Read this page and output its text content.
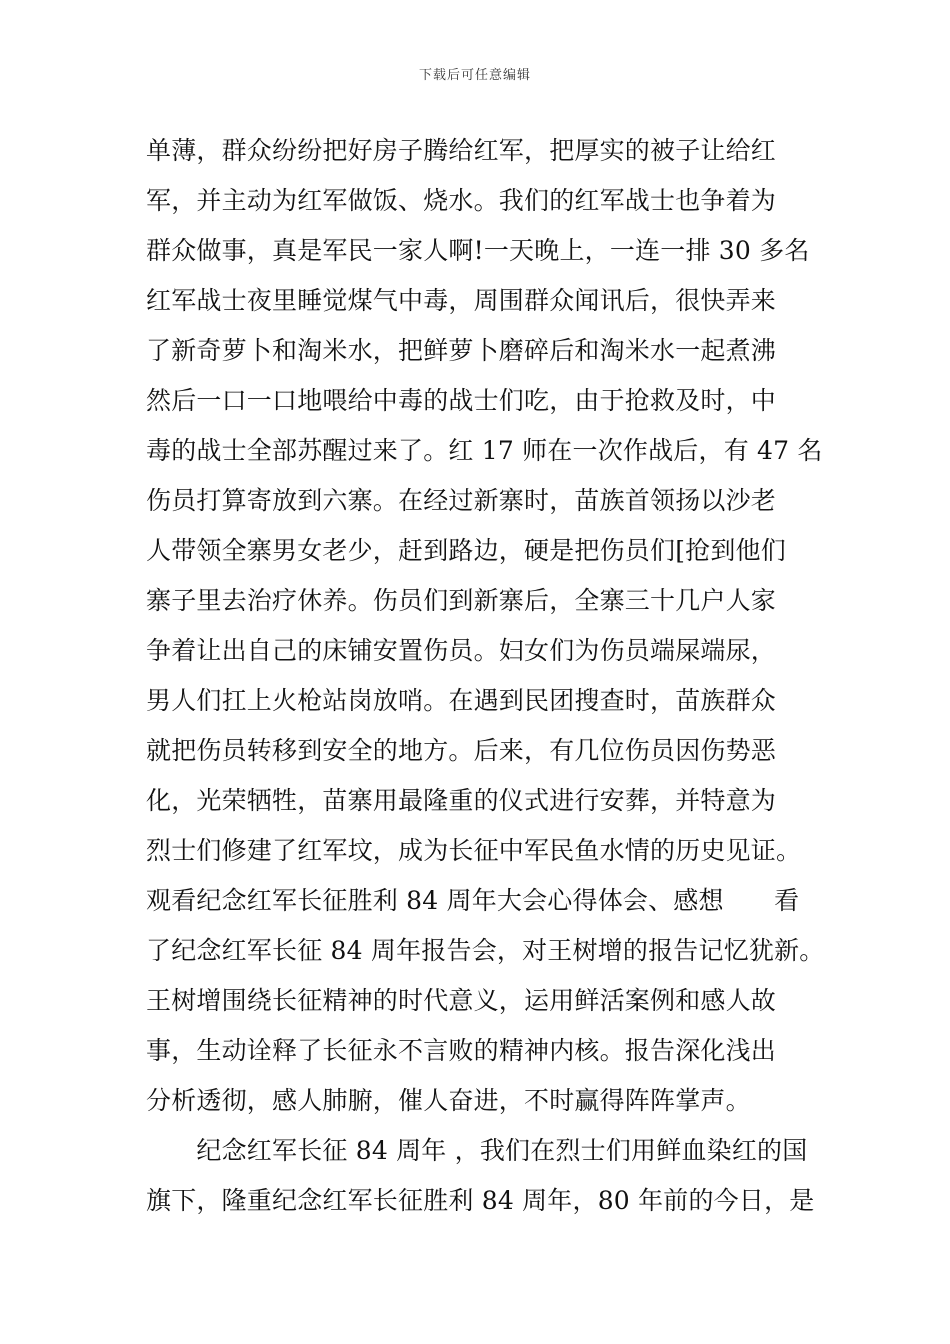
下载后可任意编辑
单薄，群众纷纷把好房子腾给红军，把厚实的被子让给红
军，并主动为红军做饭、烧水。我们的红军战士也争着为
群众做事，真是军民一家人啊!一天晚上，一连一排 30 多名
红军战士夜里睡觉煤气中毒，周围群众闻讯后，很快弄来
了新奇萝卜和淘米水，把鲜萝卜磨碎后和淘米水一起煮沸
然后一口一口地喂给中毒的战士们吃，由于抢救及时，中
毒的战士全部苏醒过来了。红 17 师在一次作战后，有 47 名
伤员打算寄放到六寨。在经过新寨时，苗族首领扬以沙老
人带领全寨男女老少，赶到路边，硬是把伤员们[抢到他们
寨子里去治疗休养。伤员们到新寨后，全寨三十几户人家
争着让出自己的床铺安置伤员。妇女们为伤员端屎端尿，
男人们扛上火枪站岗放哨。在遇到民团搜查时，苗族群众
就把伤员转移到安全的地方。后来，有几位伤员因伤势恶
化，光荣牺牲，苗寨用最隆重的仪式进行安葬，并特意为
烈士们修建了红军坟，成为长征中军民鱼水情的历史见证。
观看纪念红军长征胜利 84 周年大会心得体会、感想　　看
了纪念红军长征 84 周年报告会，对王树增的报告记忆犹新。
王树增围绕长征精神的时代意义，运用鲜活案例和感人故
事，生动诠释了长征永不言败的精神内核。报告深化浅出
分析透彻，感人肺腑，催人奋进，不时赢得阵阵掌声。
　　纪念红军长征 84 周年 ，我们在烈士们用鲜血染红的国
旗下，隆重纪念红军长征胜利 84 周年，80 年前的今日，是
